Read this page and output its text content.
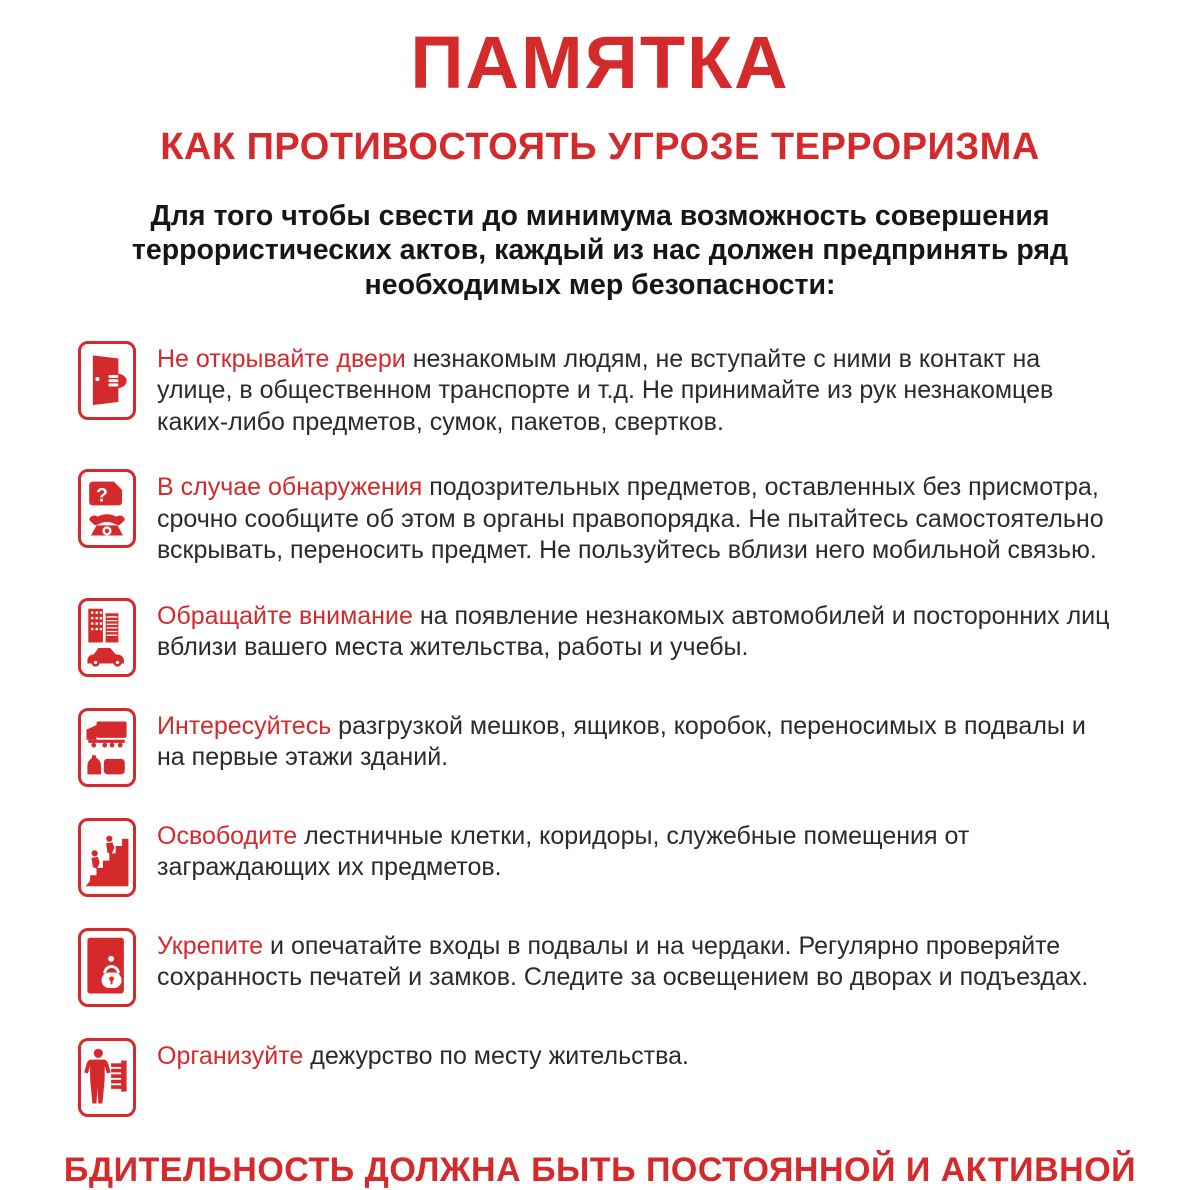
ПАМЯТКА
КАК ПРОТИВОСТОЯТЬ УГРОЗЕ ТЕРРОРИЗМА
Для того чтобы свести до минимума возможность совершения террористических актов, каждый из нас должен предпринять ряд необходимых мер безопасности:
Не открывайте двери незнакомым людям, не вступайте с ними в контакт на улице, в общественном транспорте и т.д. Не принимайте из рук незнакомцев каких-либо предметов, сумок, пакетов, свертков.
? В случае обнаружения подозрительных предметов, оставленных без присмотра, срочно сообщите об этом в органы правопорядка. Не пытайтесь самостоятельно вскрывать, переносить предмет. Не пользуйтесь вблизи него мобильной связью.
Обращайте внимание на появление незнакомых автомобилей и посторонних лиц вблизи вашего места жительства, работы и учебы.
Интересуйтесь разгрузкой мешков, ящиков, коробок, переносимых в подвалы и на первые этажи зданий.
Освободите лестничные клетки, коридоры, служебные помещения от заграждающих их предметов.
Укрепите и опечатайте входы в подвалы и на чердаки. Регулярно проверяйте сохранность печатей и замков. Следите за освещением во дворах и подъездах.
Организуйте дежурство по месту жительства.
БДИТЕЛЬНОСТЬ ДОЛЖНА БЫТЬ ПОСТОЯННОЙ И АКТИВНОЙ
